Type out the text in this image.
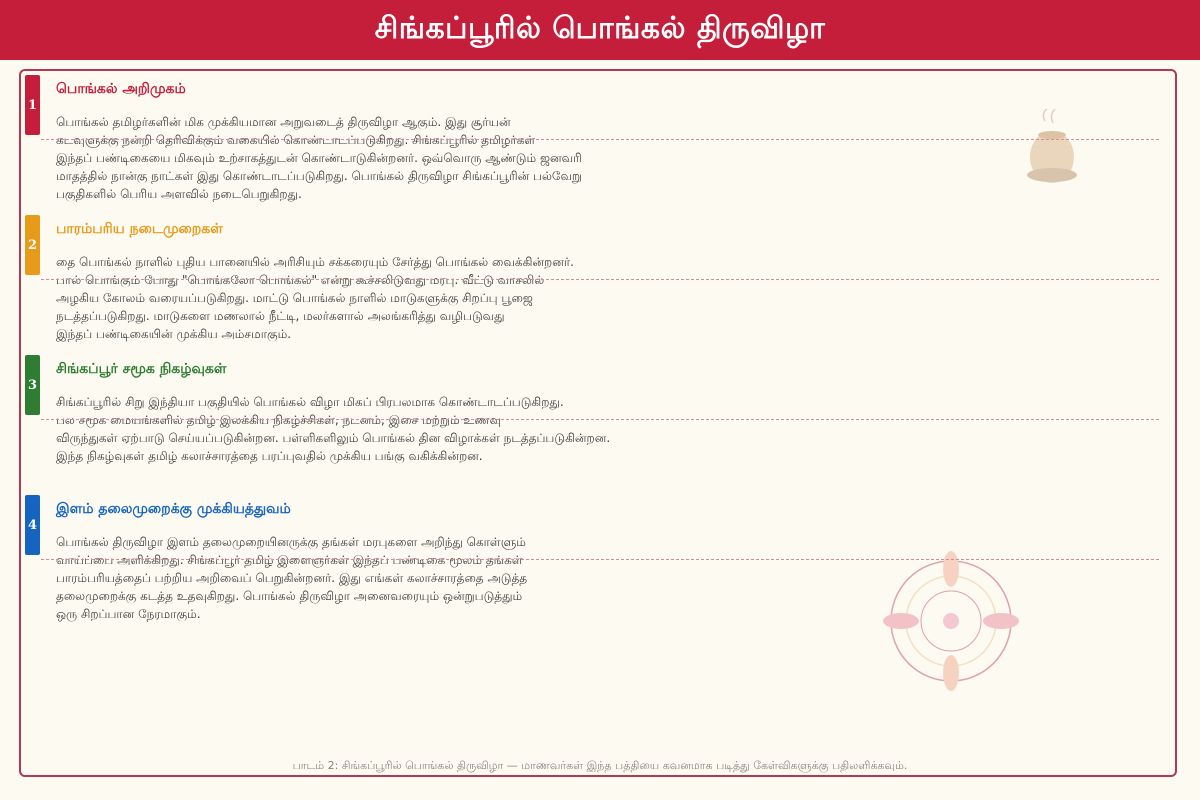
சிங்கப்பூரில் பொங்கல் திருவிழா
1
பொங்கல் அறிமுகம்

பொங்கல் தமிழர்களின் மிக முக்கியமான அறுவடைத் திருவிழா ஆகும். இது சூர்யன்

கடவுளுக்கு நன்றி தெரிவிக்கும் வகையில் கொண்டாடப்படுகிறது. சிங்கப்பூரில் தமிழர்கள்

இந்தப் பண்டிகையை மிகவும் உற்சாகத்துடன் கொண்டாடுகின்றனர். ஒவ்வொரு ஆண்டும் ஜனவரி

மாதத்தில் நான்கு நாட்கள் இது கொண்டாடப்படுகிறது. பொங்கல் திருவிழா சிங்கப்பூரின் பல்வேறு

பகுதிகளில் பெரிய அளவில் நடைபெறுகிறது.

2
பாரம்பரிய நடைமுறைகள்

தை பொங்கல் நாளில் புதிய பானையில் அரிசியும் சக்கரையும் சேர்த்து பொங்கல் வைக்கின்றனர்.

பால் பொங்கும் போது "பொங்கலோ பொங்கல்" என்று கூச்சலிடுவது மரபு. வீட்டு வாசலில்

அழகிய கோலம் வரையப்படுகிறது. மாட்டு பொங்கல் நாளில் மாடுகளுக்கு சிறப்பு பூஜை

நடத்தப்படுகிறது. மாடுகளை மணலால் நீட்டி, மலர்களால் அலங்கரித்து வழிபடுவது

இந்தப் பண்டிகையின் முக்கிய அம்சமாகும்.

3
சிங்கப்பூர் சமூக நிகழ்வுகள்

சிங்கப்பூரில் சிறு இந்தியா பகுதியில் பொங்கல் விழா மிகப் பிரபலமாக கொண்டாடப்படுகிறது.

பல சமூக மையங்களில் தமிழ் இலக்கிய நிகழ்ச்சிகள், நடனம், இசை மற்றும் உணவு

விருந்துகள் ஏற்பாடு செய்யப்படுகின்றன. பள்ளிகளிலும் பொங்கல் தின விழாக்கள் நடத்தப்படுகின்றன.

இந்த நிகழ்வுகள் தமிழ் கலாச்சாரத்தை பரப்புவதில் முக்கிய பங்கு வகிக்கின்றன.

4
இளம் தலைமுறைக்கு முக்கியத்துவம்

பொங்கல் திருவிழா இளம் தலைமுறையினருக்கு தங்கள் மரபுகளை அறிந்து கொள்ளும்

வாய்ப்பை அளிக்கிறது. சிங்கப்பூர் தமிழ் இளைஞர்கள் இந்தப் பண்டிகை மூலம் தங்கள்

பாரம்பரியத்தைப் பற்றிய அறிவைப் பெறுகின்றனர். இது எங்கள் கலாச்சாரத்தை அடுத்த

தலைமுறைக்கு கடத்த உதவுகிறது. பொங்கல் திருவிழா அனைவரையும் ஒன்றுபடுத்தும்

ஒரு சிறப்பான நேரமாகும்.

பாடம் 2: சிங்கப்பூரில் பொங்கல் திருவிழா — மாணவர்கள் இந்த பத்தியை கவனமாக படித்து கேள்விகளுக்கு பதிலளிக்கவும்.
